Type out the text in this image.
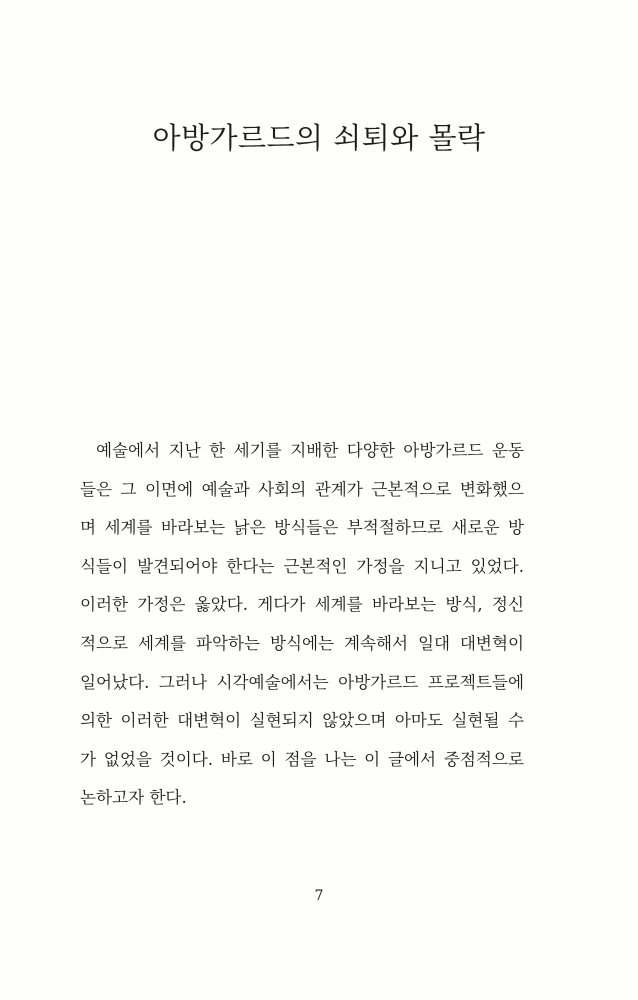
아방가르드의 쇠퇴와 몰락
예술에서 지난 한 세기를 지배한 다양한 아방가르드 운동
들은 그 이면에 예술과 사회의 관계가 근본적으로 변화했으
며 세계를 바라보는 낡은 방식들은 부적절하므로 새로운 방
식들이 발견되어야 한다는 근본적인 가정을 지니고 있었다.
이러한 가정은 옳았다. 게다가 세계를 바라보는 방식, 정신
적으로 세계를 파악하는 방식에는 계속해서 일대 대변혁이
일어났다. 그러나 시각예술에서는 아방가르드 프로젝트들에
의한 이러한 대변혁이 실현되지 않았으며 아마도 실현될 수
가 없었을 것이다. 바로 이 점을 나는 이 글에서 중점적으로
논하고자 한다.
7
